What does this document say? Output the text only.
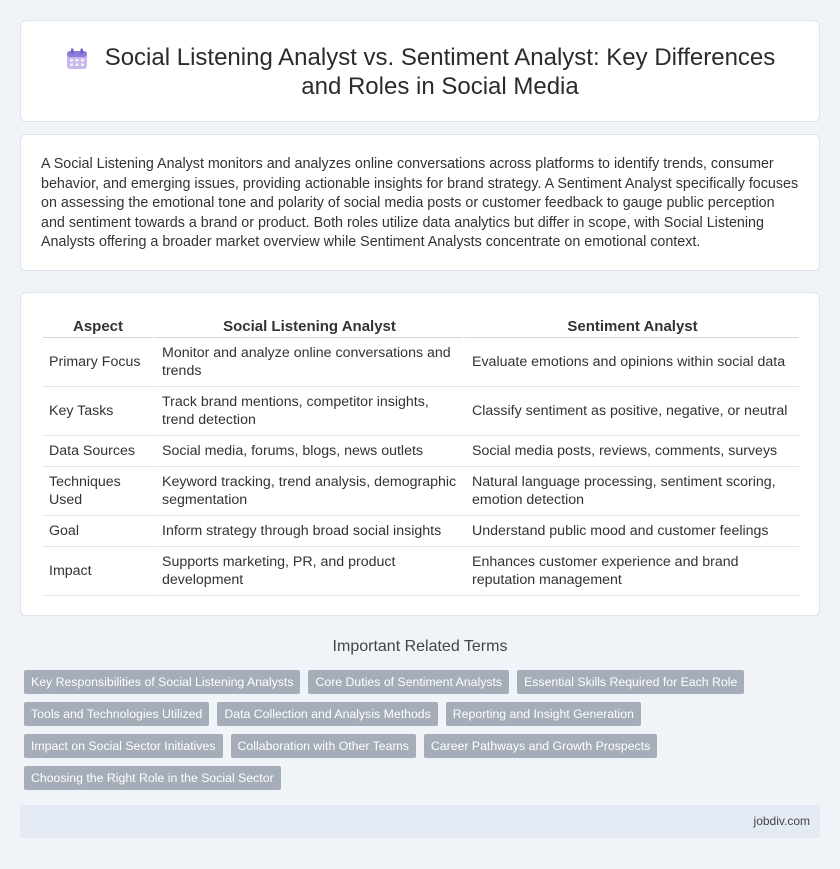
Social Listening Analyst vs. Sentiment Analyst: Key Differences and Roles in Social Media

A Social Listening Analyst monitors and analyzes online conversations across platforms to identify trends, consumer behavior, and emerging issues, providing actionable insights for brand strategy. A Sentiment Analyst specifically focuses on assessing the emotional tone and polarity of social media posts or customer feedback to gauge public perception and sentiment towards a brand or product. Both roles utilize data analytics but differ in scope, with Social Listening Analysts offering a broader market overview while Sentiment Analysts concentrate on emotional context.

Aspect	Social Listening Analyst	Sentiment Analyst
Primary Focus	Monitor and analyze online conversations and trends	Evaluate emotions and opinions within social data
Key Tasks	Track brand mentions, competitor insights, trend detection	Classify sentiment as positive, negative, or neutral
Data Sources	Social media, forums, blogs, news outlets	Social media posts, reviews, comments, surveys
Techniques Used	Keyword tracking, trend analysis, demographic segmentation	Natural language processing, sentiment scoring, emotion detection
Goal	Inform strategy through broad social insights	Understand public mood and customer feelings
Impact	Supports marketing, PR, and product development	Enhances customer experience and brand reputation management
Important Related Terms
Key Responsibilities of Social Listening Analysts	Core Duties of Sentiment Analysts	Essential Skills Required for Each Role
Tools and Technologies Utilized	Data Collection and Analysis Methods	Reporting and Insight Generation
Impact on Social Sector Initiatives	Collaboration with Other Teams	Career Pathways and Growth Prospects
Choosing the Right Role in the Social Sector
jobdiv.com
